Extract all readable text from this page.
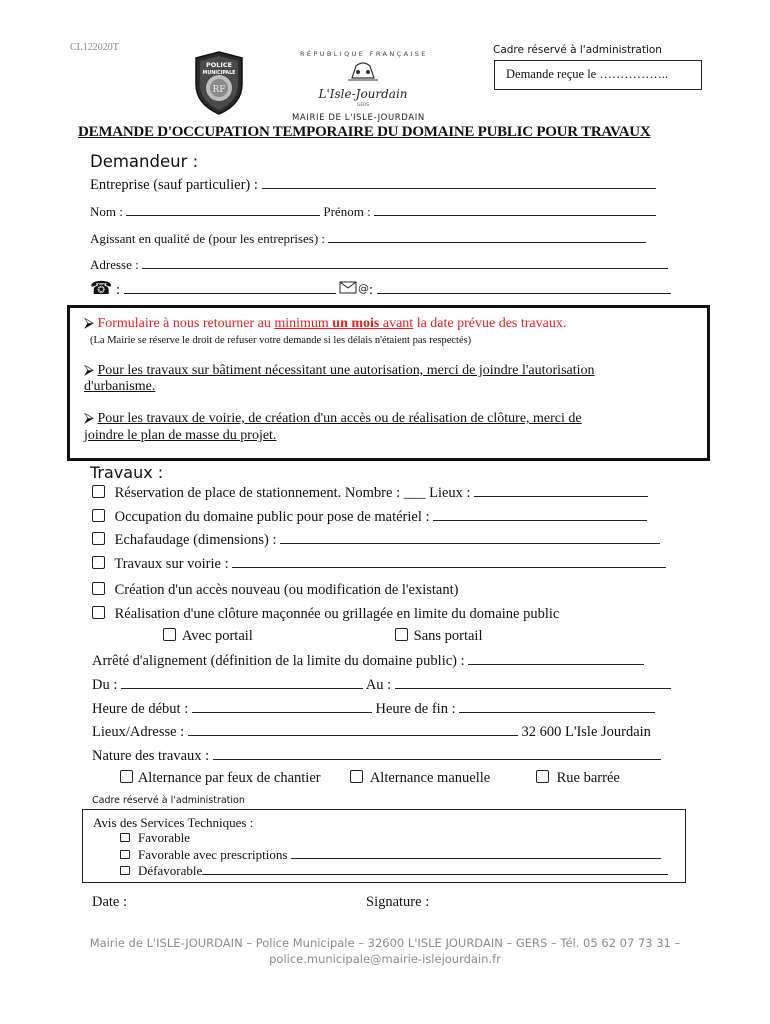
CL122020T
RF
POLICE
MUNICIPALE
RÉPUBLIQUE FRANÇAISE
L'Isle-Jourdain
GERS
MAIRIE DE L'ISLE-JOURDAIN
Cadre réservé à l'administration
Demande reçue le ……………..
DEMANDE D'OCCUPATION TEMPORAIRE DU DOMAINE PUBLIC POUR TRAVAUX
Demandeur :
Entreprise (sauf particulier) :
Nom :	Prénom :
Agissant en qualité de (pour les entreprises) :
Adresse :
☎ :	@ :
⮚ Formulaire à nous retourner au minimum un mois avant la date prévue des travaux.
(La Mairie se réserve le droit de refuser votre demande si les délais n'étaient pas respectés)
⮚ Pour les travaux sur bâtiment nécessitant une autorisation, merci de joindre l'autorisation
d'urbanisme.
⮚ Pour les travaux de voirie, de création d'un accès ou de réalisation de clôture, merci de
joindre le plan de masse du projet.
Travaux :
Réservation de place de stationnement. Nombre : ___ Lieux :
Occupation du domaine public pour pose de matériel :
Echafaudage (dimensions) :
Travaux sur voirie :
Création d'un accès nouveau (ou modification de l'existant)
Réalisation d'une clôture maçonnée ou grillagée en limite du domaine public
Avec portail	Sans portail
Arrêté d'alignement (définition de la limite du domaine public) :
Du :	Au :
Heure de début :	Heure de fin :
Lieux/Adresse :	32 600 L'Isle Jourdain
Nature des travaux :
Alternance par feux de chantier	Alternance manuelle	Rue barrée
Cadre réservé à l'administration
Avis des Services Techniques :
Favorable
Favorable avec prescriptions
Défavorable
Date :	Signature :
Mairie de L'ISLE-JOURDAIN – Police Municipale – 32600 L'ISLE JOURDAIN – GERS – Tél. 05 62 07 73 31 –
police.municipale@mairie-islejourdain.fr
